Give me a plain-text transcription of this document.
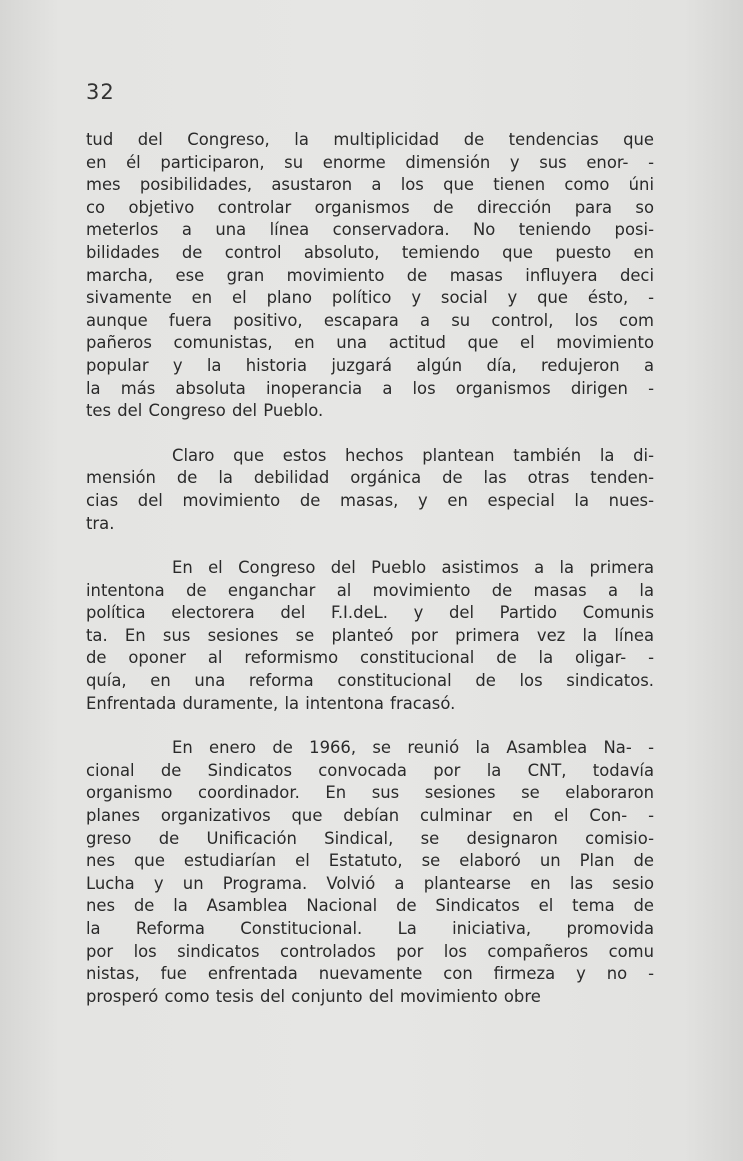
32
tud del Congreso, la multiplicidad de tendencias que
en él participaron, su enorme dimensión y sus enor- -
mes posibilidades, asustaron a los que tienen como úni
co objetivo controlar organismos de dirección para so
meterlos a una línea conservadora. No teniendo posi-
bilidades de control absoluto, temiendo que puesto en
marcha, ese gran movimiento de masas influyera deci
sivamente en el plano político y social y que ésto, -
aunque fuera positivo, escapara a su control, los com
pañeros comunistas, en una actitud que el movimiento
popular y la historia juzgará algún día, redujeron a
la más absoluta inoperancia a los organismos dirigen -
tes del Congreso del Pueblo.
Claro que estos hechos plantean también la di-
mensión de la debilidad orgánica de las otras tenden-
cias del movimiento de masas, y en especial la nues-
tra.
En el Congreso del Pueblo asistimos a la primera
intentona de enganchar al movimiento de masas a la
política electorera del F.I.deL. y del Partido Comunis
ta. En sus sesiones se planteó por primera vez la línea
de oponer al reformismo constitucional de la oligar- -
quía, en una reforma constitucional de los sindicatos.
Enfrentada duramente, la intentona fracasó.
En enero de 1966, se reunió la Asamblea Na- -
cional de Sindicatos convocada por la CNT, todavía
organismo coordinador. En sus sesiones se elaboraron
planes organizativos que debían culminar en el Con- -
greso de Unificación Sindical, se designaron comisio-
nes que estudiarían el Estatuto, se elaboró un Plan de
Lucha y un Programa. Volvió a plantearse en las sesio
nes de la Asamblea Nacional de Sindicatos el tema de
la Reforma Constitucional. La iniciativa, promovida
por los sindicatos controlados por los compañeros comu
nistas, fue enfrentada nuevamente con firmeza y no -
prosperó como tesis del conjunto del movimiento obre
